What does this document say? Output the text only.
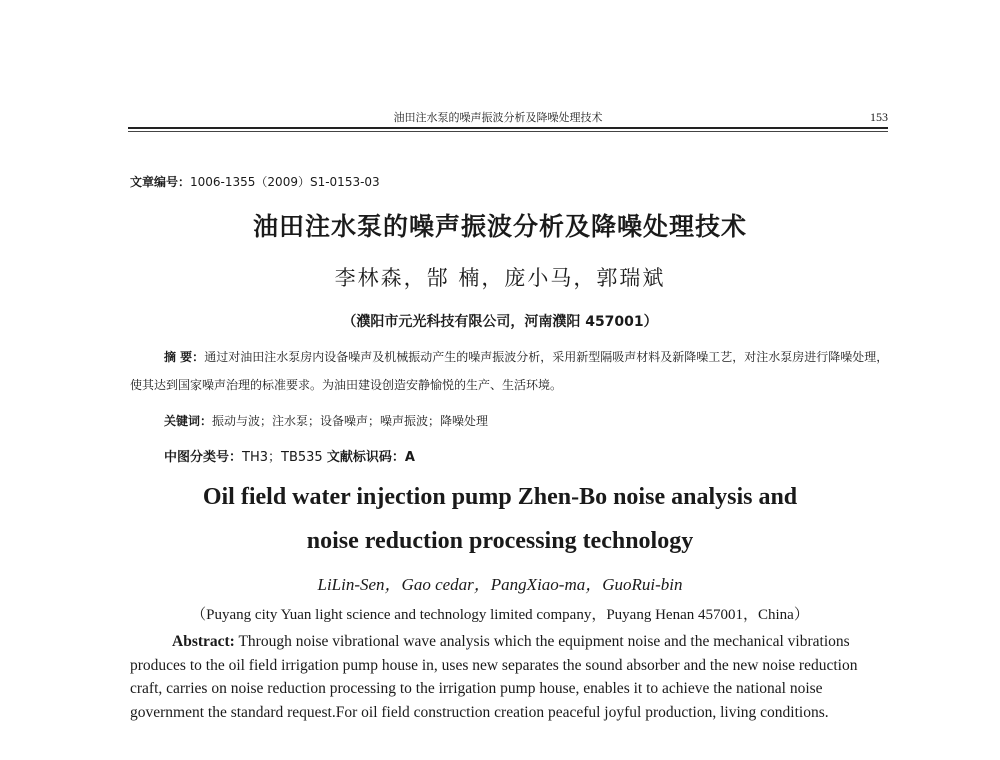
油田注水泵的噪声振波分析及降噪处理技术	153
文章编号：1006-1355（2009）S1-0153-03
油田注水泵的噪声振波分析及降噪处理技术
李林森，郜 楠，庞小马，郭瑞斌
（濮阳市元光科技有限公司，河南濮阳 457001）
摘 要：通过对油田注水泵房内设备噪声及机械振动产生的噪声振波分析，采用新型隔吸声材料及新降噪工艺，对注水泵房进行降噪处理，使其达到国家噪声治理的标准要求。为油田建设创造安静愉悦的生产、生活环境。
关键词：振动与波；注水泵；设备噪声；噪声振波；降噪处理
中图分类号：TH3；TB535 文献标识码：A
Oil field water injection pump Zhen-Bo noise analysis and
noise reduction processing technology
LiLin-Sen，Gao cedar，PangXiao-ma，GuoRui-bin
（Puyang city Yuan light science and technology limited company，Puyang Henan 457001，China）
Abstract: Through noise vibrational wave analysis which the equipment noise and the mechanical vibrations produces to the oil field irrigation pump house in, uses new separates the sound absorber and the new noise reduction craft, carries on noise reduction processing to the irrigation pump house, enables it to achieve the national noise government the standard request.For oil field construction creation peaceful joyful production, living conditions.
